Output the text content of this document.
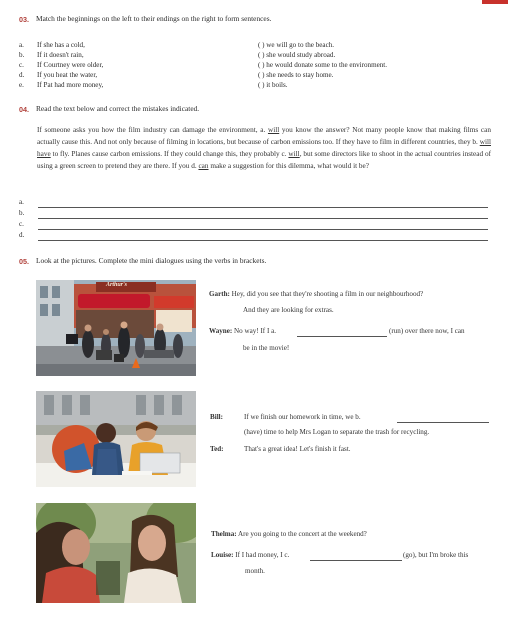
03. Match the beginnings on the left to their endings on the right to form sentences.
a. If she has a cold,
b. If it doesn't rain,
c. If Courtney were older,
d. If you heat the water,
e. If Pat had more money,
( ) we will go to the beach.
( ) she would study abroad.
( ) he would donate some to the environment.
( ) she needs to stay home.
( ) it boils.
04. Read the text below and correct the mistakes indicated.
If someone asks you how the film industry can damage the environment, a. will you know the answer? Not many people know that making films can actually cause this. And not only because of filming in locations, but because of carbon emissions too. If they have to film in different countries, they b. will have to fly. Planes cause carbon emissions. If they could change this, they probably c. will, but some directors like to shoot in the actual countries instead of using a green screen to pretend they are there. If you d. can make a suggestion for this dilemma, what would it be?
a.
b.
c.
d.
05. Look at the pictures. Complete the mini dialogues using the verbs in brackets.
Arthur's
Garth: Hey, did you see that they're shooting a film in our neighbourhood?
And they are looking for extras.
Wayne: No way! If I a.	(run) over there now, I can
be in the movie!
Bill:	If we finish our homework in time, we b.
(have) time to help Mrs Logan to separate the trash for recycling.
Ted:	That's a great idea! Let's finish it fast.
Thelma: Are you going to the concert at the weekend?
Louise: If I had money, I c.	(go), but I'm broke this
month.
